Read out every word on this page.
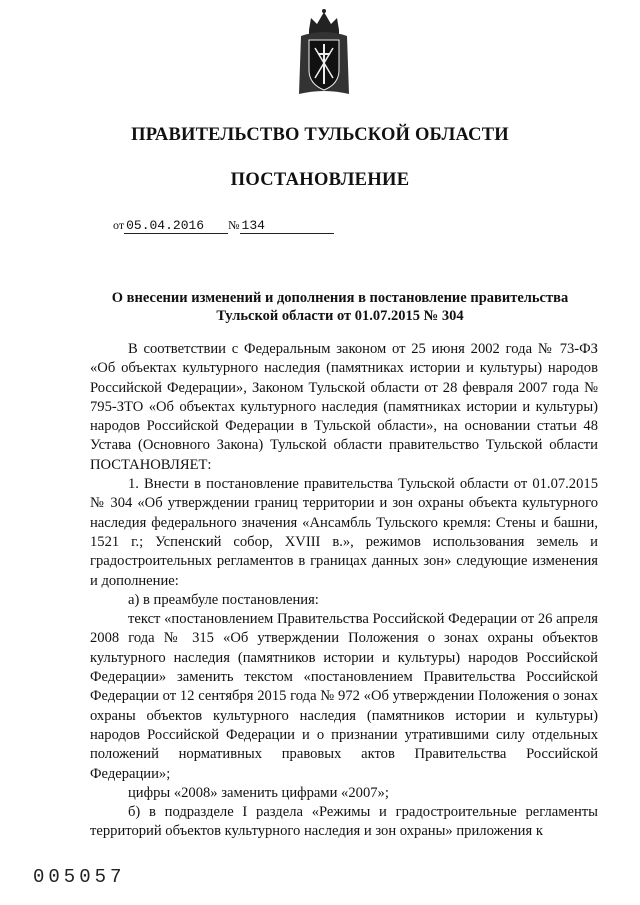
ПРАВИТЕЛЬСТВО ТУЛЬСКОЙ ОБЛАСТИ
ПОСТАНОВЛЕНИЕ
от 05.04.2016 № 134
О внесении изменений и дополнения в постановление правительства
Тульской области от 01.07.2015 № 304

В соответствии с Федеральным законом от 25 июня 2002 года № 73-ФЗ «Об объектах культурного наследия (памятниках истории и культуры) народов Российской Федерации», Законом Тульской области от 28 февраля 2007 года № 795-ЗТО «Об объектах культурного наследия (памятниках истории и культуры) народов Российской Федерации в Тульской области», на основании статьи 48 Устава (Основного Закона) Тульской области правительство Тульской области ПОСТАНОВЛЯЕТ:

1. Внести в постановление правительства Тульской области от 01.07.2015 № 304 «Об утверждении границ территории и зон охраны объекта культурного наследия федерального значения «Ансамбль Тульского кремля: Стены и башни, 1521 г.; Успенский собор, XVIII в.», режимов использования земель и градостроительных регламентов в границах данных зон» следующие изменения и дополнение:

а) в преамбуле постановления:

текст «постановлением Правительства Российской Федерации от 26 апреля 2008 года № 315 «Об утверждении Положения о зонах охраны объектов культурного наследия (памятников истории и культуры) народов Российской Федерации» заменить текстом «постановлением Правительства Российской Федерации от 12 сентября 2015 года № 972 «Об утверждении Положения о зонах охраны объектов культурного наследия (памятников истории и культуры) народов Российской Федерации и о признании утратившими силу отдельных положений нормативных правовых актов Правительства Российской Федерации»;

цифры «2008» заменить цифрами «2007»;

б) в подразделе I раздела «Режимы и градостроительные регламенты территорий объектов культурного наследия и зон охраны» приложения к

005057
